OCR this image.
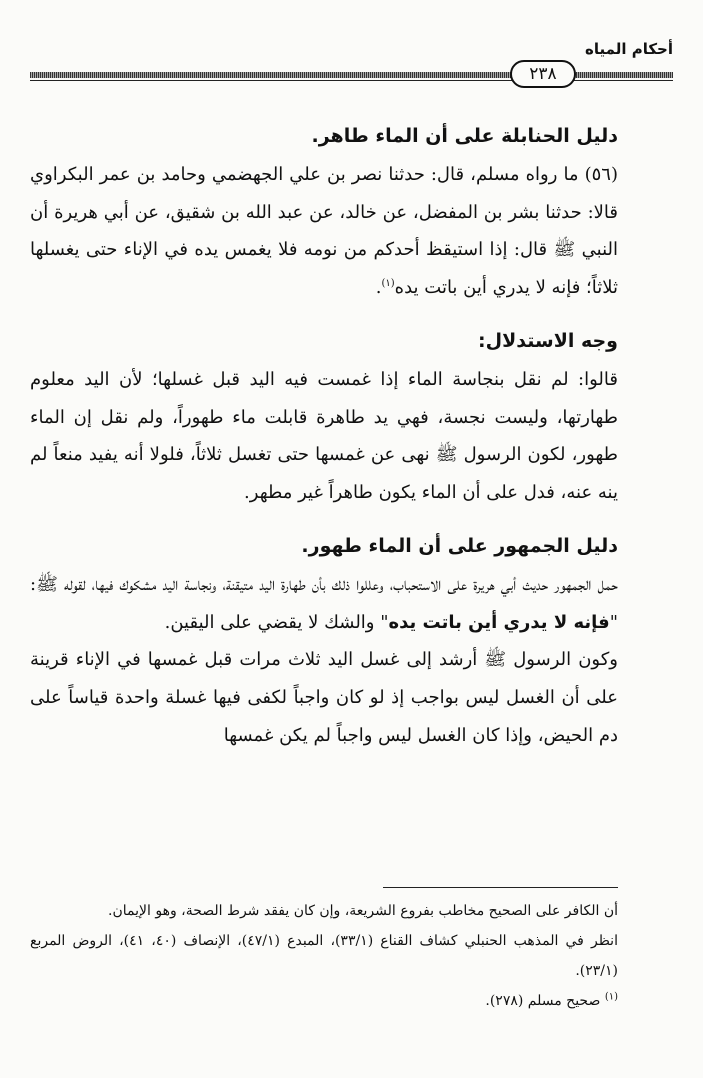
أحكام المياه
٢٣٨

دليل الحنابلة على أن الماء طاهر.

(٥٦) ما رواه مسلم، قال: حدثنا نصر بن علي الجهضمي وحامد بن عمر البكراوي قالا: حدثنا بشر بن المفضل، عن خالد، عن عبد الله بن شقيق، عن أبي هريرة أن النبي ﷺ قال: إذا استيقظ أحدكم من نومه فلا يغمس يده في الإناء حتى يغسلها ثلاثاً؛ فإنه لا يدري أين باتت يده$^{(١)}$.

وجه الاستدلال:

قالوا: لم نقل بنجاسة الماء إذا غمست فيه اليد قبل غسلها؛ لأن اليد معلوم طهارتها، وليست نجسة، فهي يد طاهرة قابلت ماء طهوراً، ولم نقل إن الماء طهور، لكون الرسول ﷺ نهى عن غمسها حتى تغسل ثلاثاً، فلولا أنه يفيد منعاً لم ينه عنه، فدل على أن الماء يكون طاهراً غير مطهر.

دليل الجمهور على أن الماء طهور.

حمل الجمهور حديث أبي هريرة على الاستحباب، وعللوا ذلك بأن طهارة اليد متيقنة، ونجاسة اليد مشكوك فيها، لقوله ﷺ: "فإنه لا يدري أين باتت يده" والشك لا يقضي على اليقين.

وكون الرسول ﷺ أرشد إلى غسل اليد ثلاث مرات قبل غمسها في الإناء قرينة على أن الغسل ليس بواجب إذ لو كان واجباً لكفى فيها غسلة واحدة قياساً على دم الحيض، وإذا كان الغسل ليس واجباً لم يكن غمسها

أن الكافر على الصحيح مخاطب بفروع الشريعة، وإن كان يفقد شرط الصحة، وهو الإيمان.

انظر في المذهب الحنبلي كشاف القناع (٣٣/١)، المبدع (٤٧/١)، الإنصاف (٤٠، ٤١)، الروض المربع (٢٣/١).

$^{(١)}$ صحيح مسلم (٢٧٨).
